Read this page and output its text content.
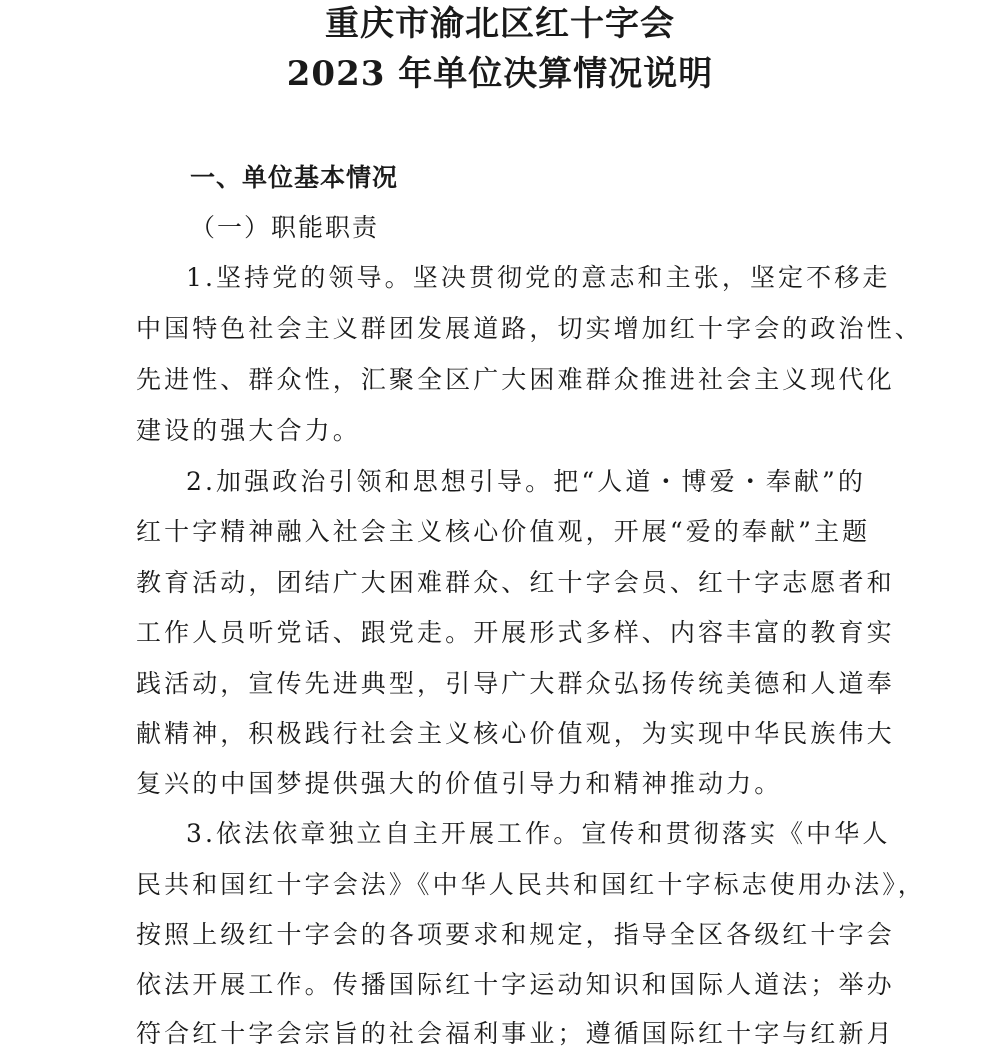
重庆市渝北区红十字会
2023 年单位决算情况说明
一、单位基本情况
（一）职能职责
1.坚持党的领导。坚决贯彻党的意志和主张，坚定不移走
中国特色社会主义群团发展道路，切实增加红十字会的政治性、
先进性、群众性，汇聚全区广大困难群众推进社会主义现代化
建设的强大合力。
2.加强政治引领和思想引导。把“人道・博爱・奉献”的
红十字精神融入社会主义核心价值观，开展“爱的奉献”主题
教育活动，团结广大困难群众、红十字会员、红十字志愿者和
工作人员听党话、跟党走。开展形式多样、内容丰富的教育实
践活动，宣传先进典型，引导广大群众弘扬传统美德和人道奉
献精神，积极践行社会主义核心价值观，为实现中华民族伟大
复兴的中国梦提供强大的价值引导力和精神推动力。
3.依法依章独立自主开展工作。宣传和贯彻落实《中华人
民共和国红十字会法》《中华人民共和国红十字标志使用办法》，
按照上级红十字会的各项要求和规定，指导全区各级红十字会
依法开展工作。传播国际红十字运动知识和国际人道法；举办
符合红十字会宗旨的社会福利事业；遵循国际红十字与红新月
